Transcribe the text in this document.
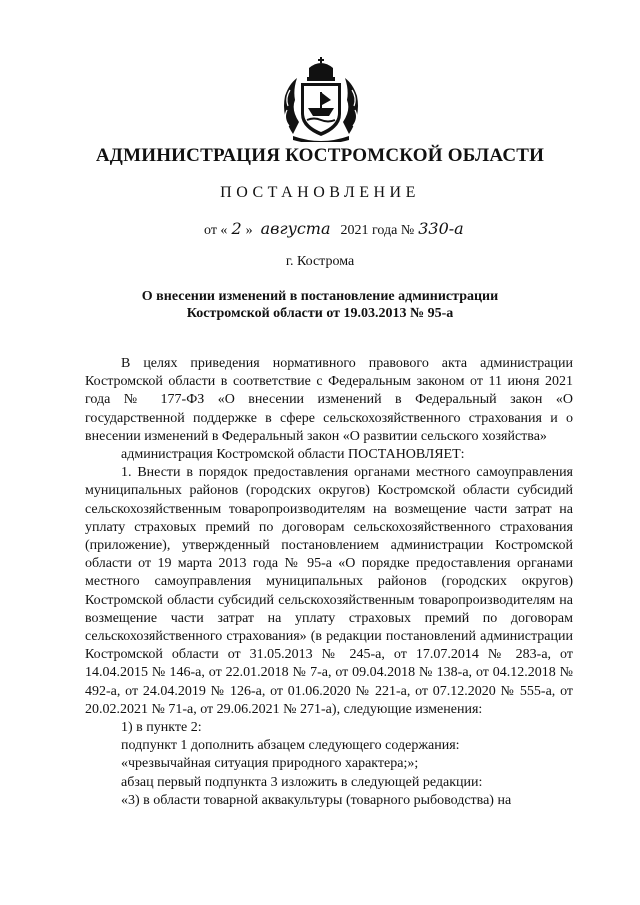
АДМИНИСТРАЦИЯ КОСТРОМСКОЙ ОБЛАСТИ
ПОСТАНОВЛЕНИЕ
от « 2 » августа 2021 года № 330-а
г. Кострома
О внесении изменений в постановление администрации
Костромской области от 19.03.2013 № 95-а

В целях приведения нормативного правового акта администрации Костромской области в соответствие с Федеральным законом от 11 июня 2021 года № 177-ФЗ «О внесении изменений в Федеральный закон «О государственной поддержке в сфере сельскохозяйственного страхования и о внесении изменений в Федеральный закон «О развитии сельского хозяйства»

администрация Костромской области ПОСТАНОВЛЯЕТ:

1. Внести в порядок предоставления органами местного самоуправления муниципальных районов (городских округов) Костромской области субсидий сельскохозяйственным товаропроизводителям на возмещение части затрат на уплату страховых премий по договорам сельскохозяйственного страхования (приложение), утвержденный постановлением администрации Костромской области от 19 марта 2013 года № 95-а «О порядке предоставления органами местного самоуправления муниципальных районов (городских округов) Костромской области субсидий сельскохозяйственным товаропроизводителям на возмещение части затрат на уплату страховых премий по договорам сельскохозяйственного страхования» (в редакции постановлений администрации Костромской области от 31.05.2013 № 245-а, от 17.07.2014 № 283-а, от 14.04.2015 № 146-а, от 22.01.2018 № 7-а, от 09.04.2018 № 138-а, от 04.12.2018 № 492-а, от 24.04.2019 № 126-а, от 01.06.2020 № 221-а, от 07.12.2020 № 555-а, от 20.02.2021 № 71-а, от 29.06.2021 № 271-а), следующие изменения:

1) в пункте 2:

подпункт 1 дополнить абзацем следующего содержания:

«чрезвычайная ситуация природного характера;»;

абзац первый подпункта 3 изложить в следующей редакции:

«3) в области товарной аквакультуры (товарного рыбоводства) на
